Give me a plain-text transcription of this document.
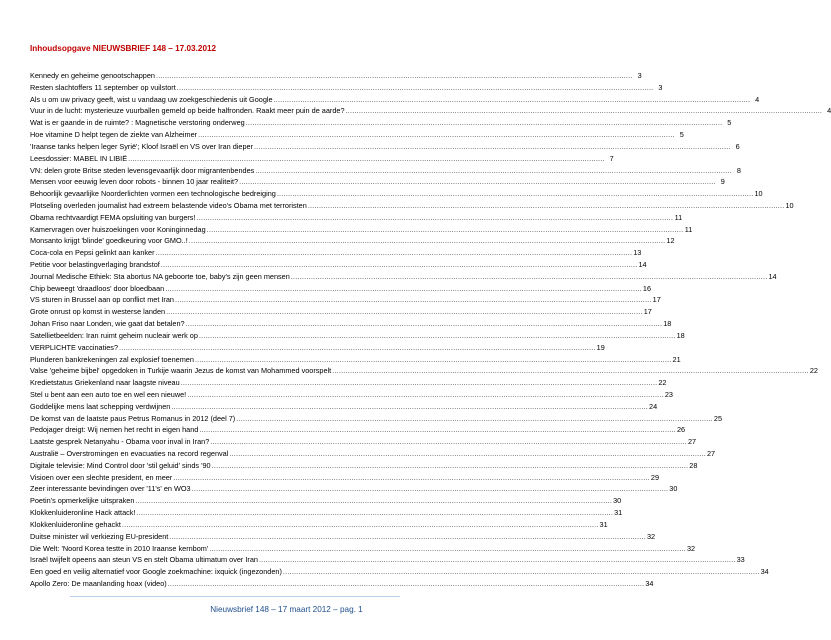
Inhoudsopgave NIEUWSBRIEF 148 – 17.03.2012
Kennedy en geheime genootschappen .....	3
Resten slachtoffers 11 september op vuilstort .....	3
Als u om uw privacy geeft, wist u vandaag uw zoekgeschiedenis uit Google .....	4
Vuur in de lucht: mysterieuze vuurballen gemeld op beide halfronden. Raakt meer puin de aarde? .....	4
Wat is er gaande in de ruimte? : Magnetische verstoring onderweg .....	5
Hoe vitamine D helpt tegen de ziekte van Alzheimer .....	5
'Iraanse tanks helpen leger Syrië'; Kloof Israël en VS over Iran dieper .....	6
Leesdossier: MABEL IN LIBIË .....	7
VN: delen grote Britse steden levensgevaarlijk door migrantenbendes .....	8
Mensen voor eeuwig leven door robots - binnen 10 jaar realiteit? .....	9
Behoorlijk gevaarlijke Noorderlichten vormen een technologische bedreiging .....	10
Plotseling overleden journalist had extreem belastende video's Obama met terroristen .....	10
Obama rechtvaardigt FEMA opsluiting van burgers! .....	11
Kamervragen over huiszoekingen voor Koninginnedag .....	11
Monsanto krijgt 'blinde' goedkeuring voor GMO..! .....	12
Coca-cola en Pepsi gelinkt aan kanker .....	13
Petitie voor belastingverlaging brandstof .....	14
Journal Medische Ethiek: Sta abortus NA geboorte toe, baby's zijn geen mensen .....	14
Chip beweegt 'draadloos' door bloedbaan .....	16
VS sturen in Brussel aan op conflict met Iran .....	17
Grote onrust op komst in westerse landen .....	17
Johan Friso naar Londen, wie gaat dat betalen? .....	18
Satellietbeelden: Iran ruimt geheim nucleair werk op .....	18
VERPLICHTE vaccinaties? .....	19
Plunderen bankrekeningen zal explosief toenemen .....	21
Valse 'geheime bijbel' opgedoken in Turkije waarin Jezus de komst van Mohammed voorspelt .....	22
Kredietstatus Griekenland naar laagste niveau .....	22
Stel u bent aan een auto toe en wel een nieuwe! .....	23
Goddelijke mens laat schepping verdwijnen .....	24
De komst van de laatste paus Petrus Romanus in 2012 (deel 7) .....	25
Pedojager dreigt: Wij nemen het recht in eigen hand .....	26
Laatste gesprek Netanyahu - Obama voor inval in Iran? .....	27
Australië – Overstromingen en evacuaties na record regenval .....	27
Digitale televisie: Mind Control door 'stil geluid' sinds '90 .....	28
Visioen over een slechte president, en meer .....	29
Zeer interessante bevindingen over '11's' en WO3 .....	30
Poetin's opmerkelijke uitspraken .....	30
Klokkenluideronline Hack attack! .....	31
Klokkenluideronline gehackt .....	31
Duitse minister wil verkiezing EU-president .....	32
Die Welt: 'Noord Korea testte in 2010 Iraanse kernbom' .....	32
Israël twijfelt opeens aan steun VS en stelt Obama ultimatum over Iran .....	33
Een goed en veilig alternatief voor Google zoekmachine: ixquick (ingezonden) .....	34
Apollo Zero: De maanlanding hoax (video) .....	34
Nieuwsbrief 148 – 17 maart 2012 – pag. 1
